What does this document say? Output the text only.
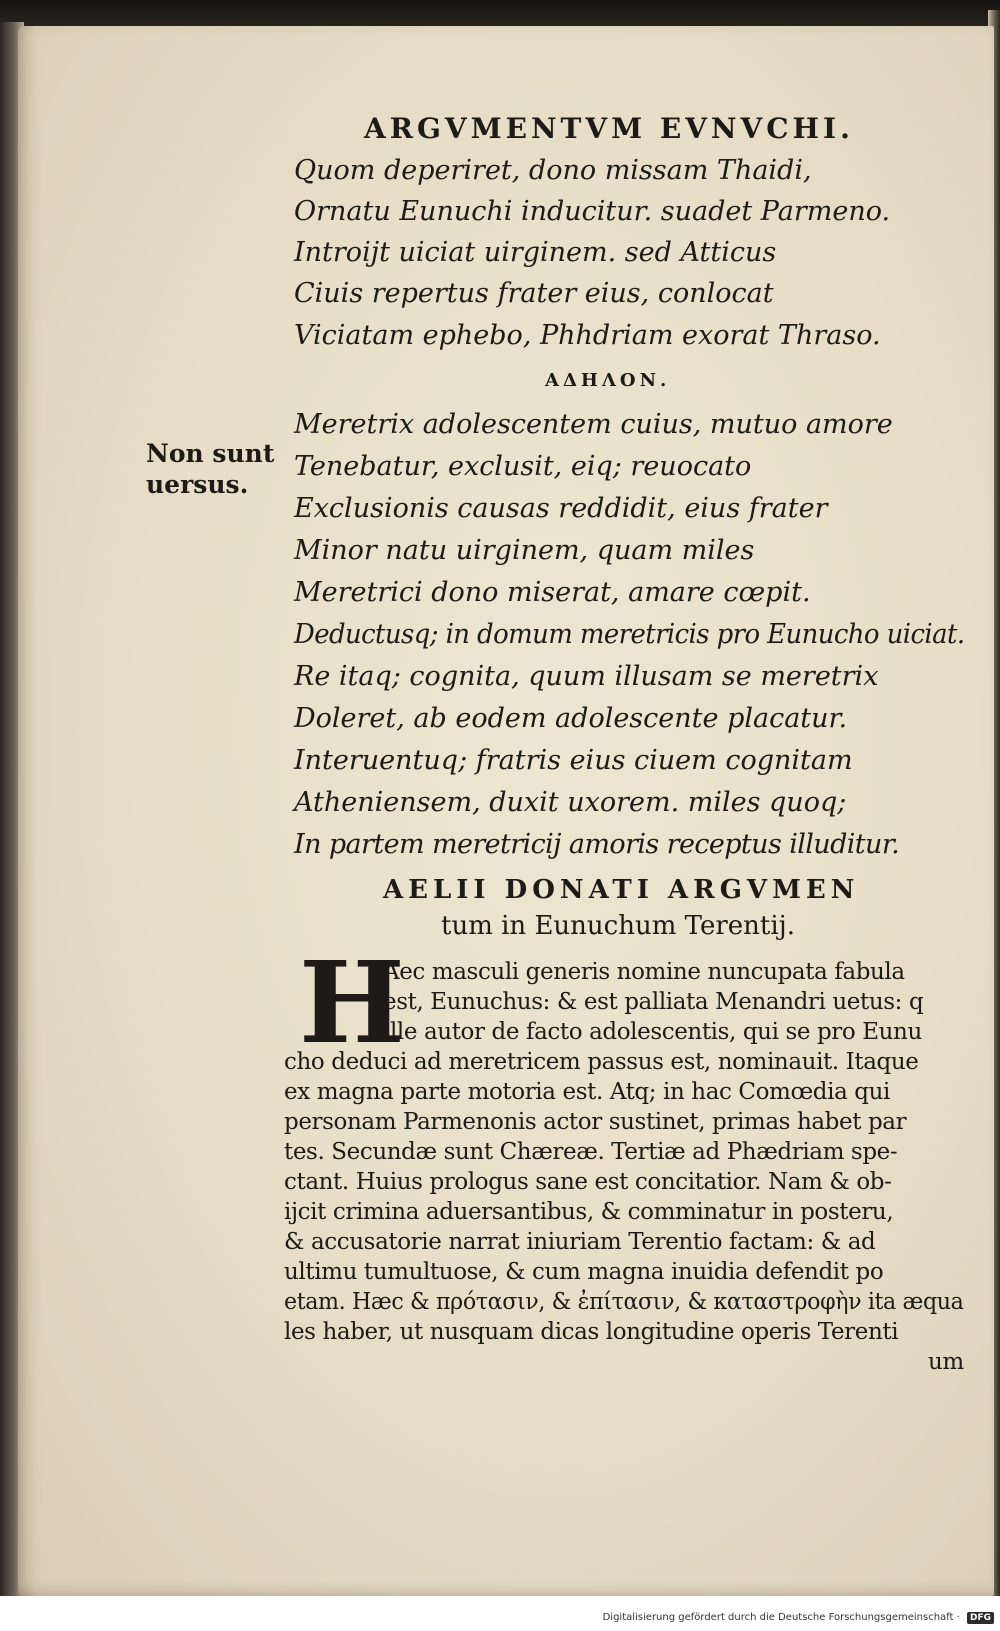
ARGVMENTVM EVNVCHI.
Quom deperiret, dono missam Thaidi,
Ornatu Eunuchi inducitur. suadet Parmeno.
Introijt uiciat uirginem. sed Atticus
Ciuis repertus frater eius, conlocat
Viciatam ephebo, Phhdriam exorat Thraso.
ΑΔΗΛΟΝ.
Non sunt
uersus.
Meretrix adolescentem cuius, mutuo amore
Tenebatur, exclusit, eiq; reuocato
Exclusionis causas reddidit, eius frater
Minor natu uirginem, quam miles
Meretrici dono miserat, amare cœpit.
Deductusq; in domum meretricis pro Eunucho uiciat.
Re itaq; cognita, quum illusam se meretrix
Doleret, ab eodem adolescente placatur.
Interuentuq; fratris eius ciuem cognitam
Atheniensem, duxit uxorem. miles quoq;
In partem meretricij amoris receptus illuditur.
AELII DONATI ARGVMEN
tum in Eunuchum Terentij.
H
Aec masculi generis nomine nuncupata fabula
est, Eunuchus: & est palliata Menandri uetus: q
ille autor de facto adolescentis, qui se pro Eunu
cho deduci ad meretricem passus est, nominauit. Itaque
ex magna parte motoria est. Atq; in hac Comœdia qui
personam Parmenonis actor sustinet, primas habet par
tes. Secundæ sunt Chæreæ. Tertiæ ad Phædriam spe-
ctant. Huius prologus sane est concitatior. Nam & ob-
ijcit crimina aduersantibus, & comminatur in posteru,
& accusatorie narrat iniuriam Terentio factam: & ad
ultimu tumultuose, & cum magna inuidia defendit po
etam. Hæc & πρότασιν, & ἐπίτασιν, & καταστροφὴν ita æqua
les haber, ut nusquam dicas longitudine operis Terenti
um
Digitalisierung gefördert durch die Deutsche Forschungsgemeinschaft · DFG
